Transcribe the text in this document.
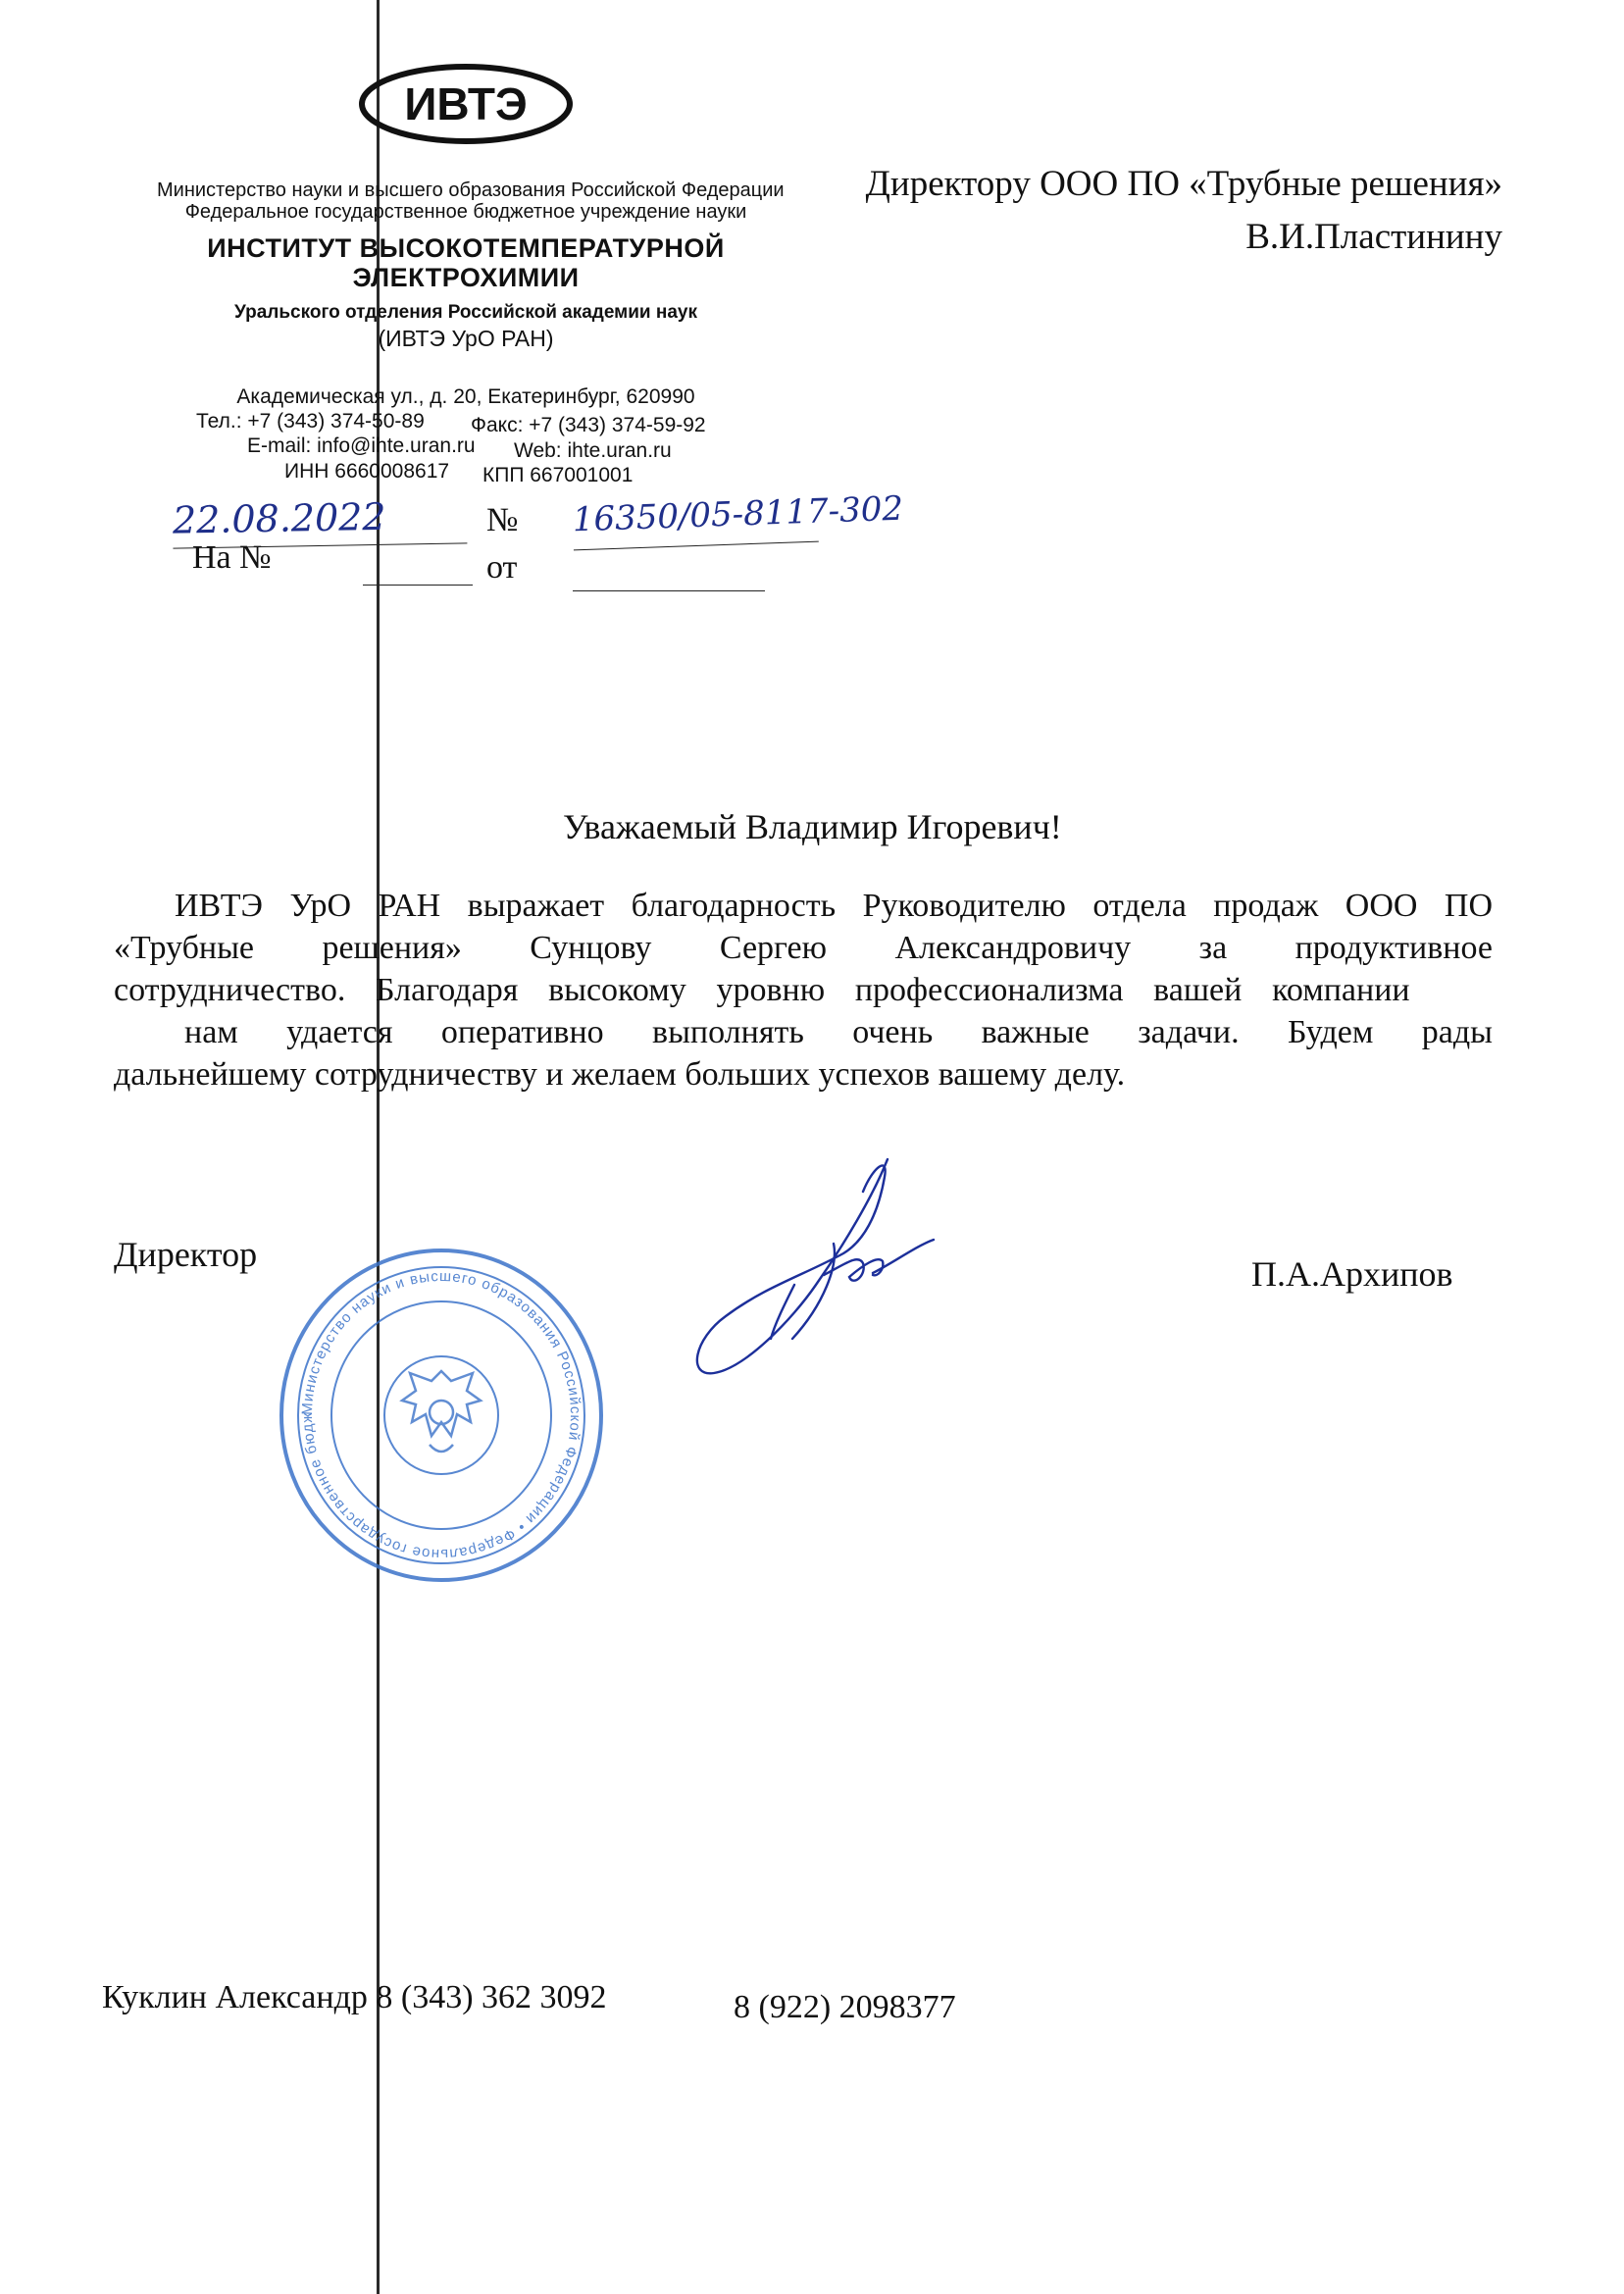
ИВТЭ
Министерство науки и высшего образования Российской Федерации
Федеральное государственное бюджетное учреждение науки
ИНСТИТУТ ВЫСОКОТЕМПЕРАТУРНОЙ
ЭЛЕКТРОХИМИИ
Уральского отделения Российской академии наук
(ИВТЭ УрО РАН)
Академическая ул., д. 20, Екатеринбург, 620990
Тел.: +7 (343) 374-50-89	Факс: +7 (343) 374-59-92
E-mail: info@ihte.uran.ru	Web: ihte.uran.ru
ИНН 6660008617	КПП 667001001
22.08.2022	№ 16350/05-8117-302
На №	от
Директору ООО ПО «Трубные решения»
В.И.Пластинину
Уважаемый Владимир Игоревич!
ИВТЭ УрО РАН выражает благодарность Руководителю отдела продаж ООО ПО
«Трубные решения» Сунцову Сергею Александровичу за продуктивное
сотрудничество. Благодаря высокому уровню профессионализма вашей компании
нам удается оперативно выполнять очень важные задачи. Будем рады
дальнейшему сотрудничеству и желаем больших успехов вашему делу.
Директор	П.А.Архипов
Министерство науки и высшего образования Российской Федерации • Федеральное государственное бюдж
Куклин Александр 8 (343) 362 3092	8 (922) 2098377
